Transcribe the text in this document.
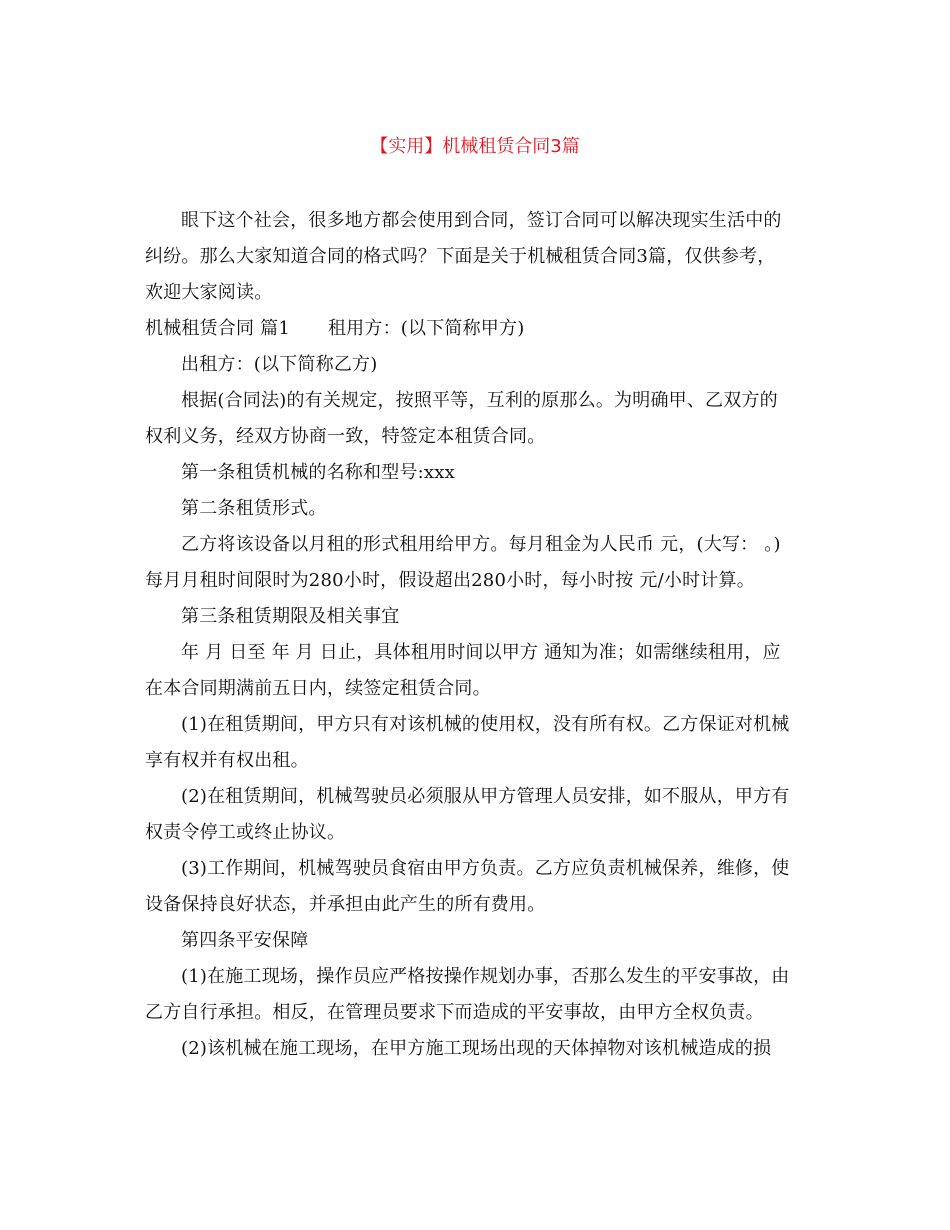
【实用】机械租赁合同3篇

眼下这个社会，很多地方都会使用到合同，签订合同可以解决现实生活中的

纠纷。那么大家知道合同的格式吗？下面是关于机械租赁合同3篇，仅供参考，

欢迎大家阅读。

机械租赁合同 篇1 租用方：(以下简称甲方)

出租方：(以下简称乙方)

根据(合同法)的有关规定，按照平等，互利的原那么。为明确甲、乙双方的

权利义务，经双方协商一致，特签定本租赁合同。

第一条租赁机械的名称和型号:xxx

第二条租赁形式。

乙方将该设备以月租的形式租用给甲方。每月租金为人民币 元，(大写： 。)

每月月租时间限时为280小时，假设超出280小时，每小时按 元/小时计算。

第三条租赁期限及相关事宜

年 月 日至 年 月 日止，具体租用时间以甲方 通知为准；如需继续租用，应

在本合同期满前五日内，续签定租赁合同。

(1)在租赁期间，甲方只有对该机械的使用权，没有所有权。乙方保证对机械

享有权并有权出租。

(2)在租赁期间，机械驾驶员必须服从甲方管理人员安排，如不服从，甲方有

权责令停工或终止协议。

(3)工作期间，机械驾驶员食宿由甲方负责。乙方应负责机械保养，维修，使

设备保持良好状态，并承担由此产生的所有费用。

第四条平安保障

(1)在施工现场，操作员应严格按操作规划办事，否那么发生的平安事故，由

乙方自行承担。相反，在管理员要求下而造成的平安事故，由甲方全权负责。

(2)该机械在施工现场，在甲方施工现场出现的天体掉物对该机械造成的损
